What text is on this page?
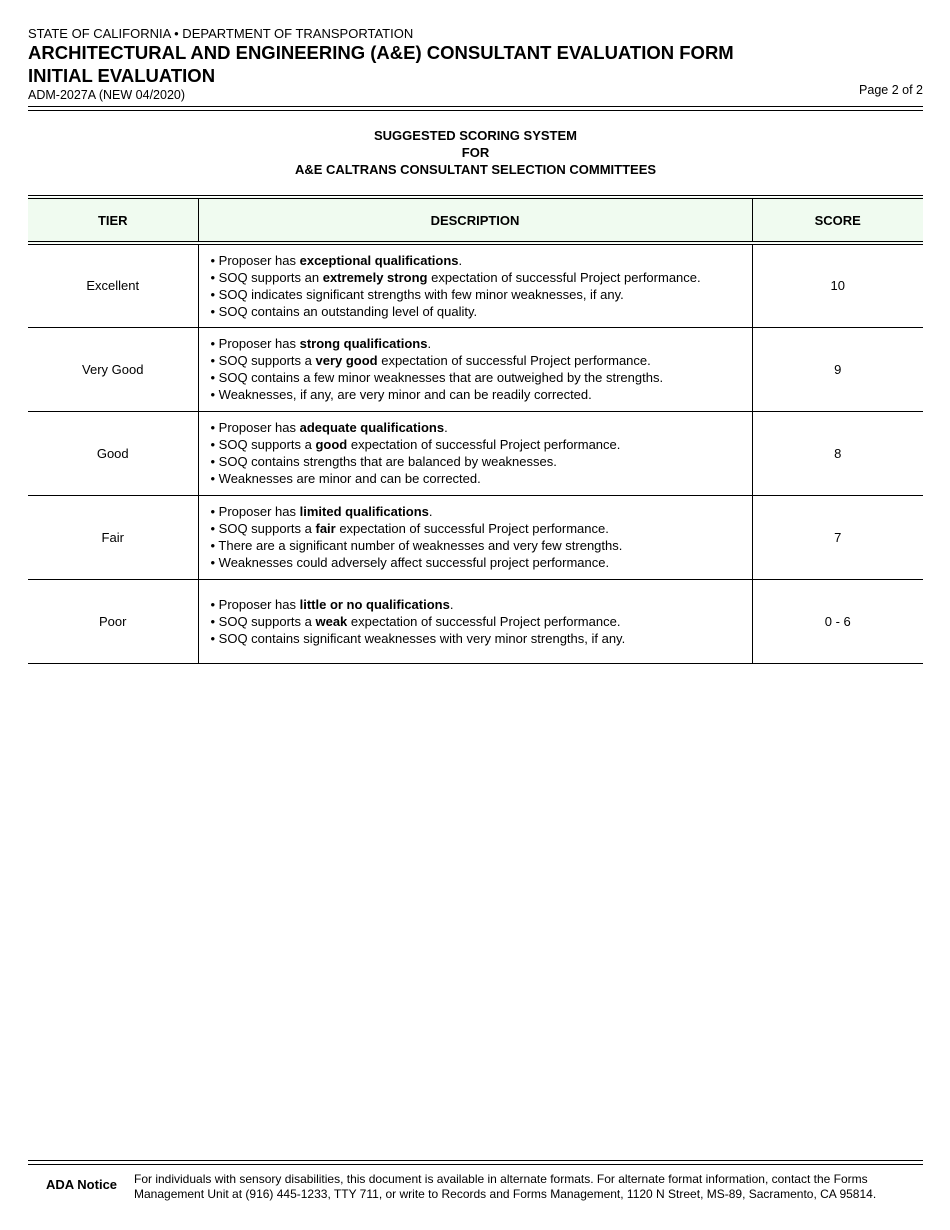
STATE OF CALIFORNIA • DEPARTMENT OF TRANSPORTATION
ARCHITECTURAL AND ENGINEERING (A&E) CONSULTANT EVALUATION FORM
INITIAL EVALUATION
ADM-2027A (NEW 04/2020)	Page 2 of 2
SUGGESTED SCORING SYSTEM
FOR
A&E CALTRANS CONSULTANT SELECTION COMMITTEES
TIER	DESCRIPTION	SCORE
Excellent	• Proposer has exceptional qualifications.
• SOQ supports an extremely strong expectation of successful Project performance.
• SOQ indicates significant strengths with few minor weaknesses, if any.
• SOQ contains an outstanding level of quality.	10
Very Good	• Proposer has strong qualifications.
• SOQ supports a very good expectation of successful Project performance.
• SOQ contains a few minor weaknesses that are outweighed by the strengths.
• Weaknesses, if any, are very minor and can be readily corrected.	9
Good	• Proposer has adequate qualifications.
• SOQ supports a good expectation of successful Project performance.
• SOQ contains strengths that are balanced by weaknesses.
• Weaknesses are minor and can be corrected.	8
Fair	• Proposer has limited qualifications.
• SOQ supports a fair expectation of successful Project performance.
• There are a significant number of weaknesses and very few strengths.
• Weaknesses could adversely affect successful project performance.	7
Poor	• Proposer has little or no qualifications.
• SOQ supports a weak expectation of successful Project performance.
• SOQ contains significant weaknesses with very minor strengths, if any.	0 - 6
ADA Notice For individuals with sensory disabilities, this document is available in alternate formats. For alternate format information, contact the Forms
Management Unit at (916) 445-1233, TTY 711, or write to Records and Forms Management, 1120 N Street, MS-89, Sacramento, CA 95814.
